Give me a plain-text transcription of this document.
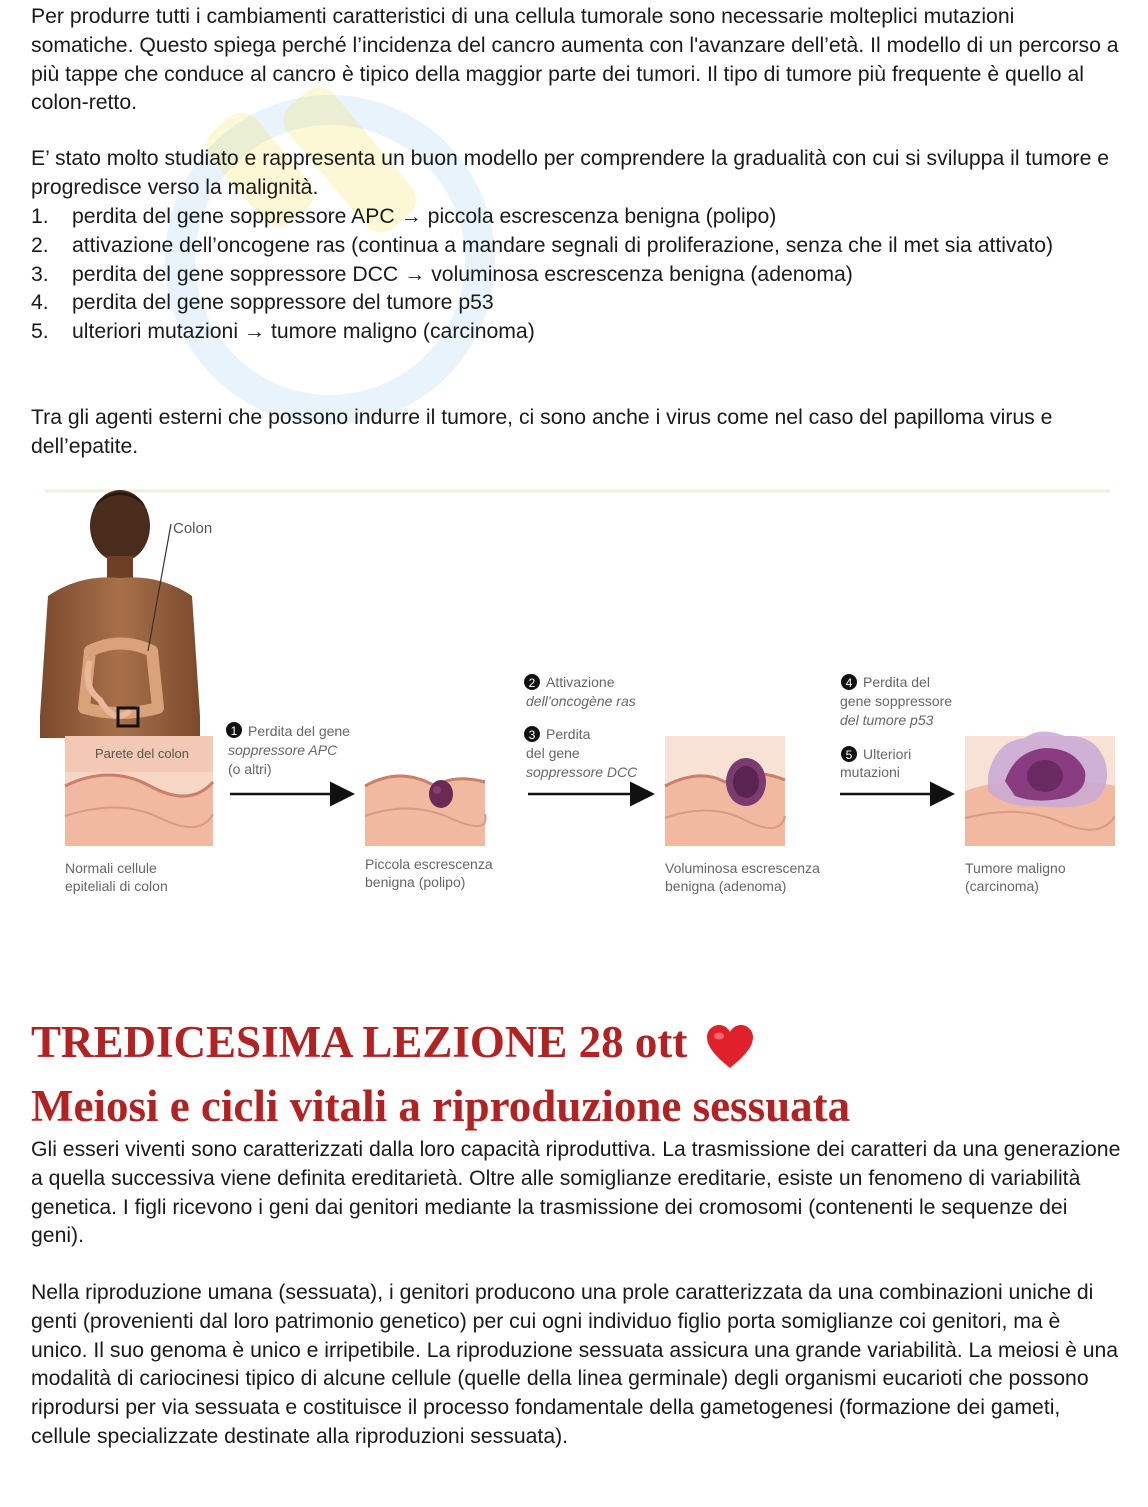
Per produrre tutti i cambiamenti caratteristici di una cellula tumorale sono necessarie molteplici mutazioni somatiche. Questo spiega perché l’incidenza del cancro aumenta con l'avanzare dell’età. Il modello di un percorso a più tappe che conduce al cancro è tipico della maggior parte dei tumori. Il tipo di tumore più frequente è quello al colon-retto.

E’ stato molto studiato e rappresenta un buon modello per comprendere la gradualità con cui si sviluppa il tumore e progredisce verso la malignità.

1.	perdita del gene soppressore APC → piccola escrescenza benigna (polipo)
2.	attivazione dell’oncogene ras (continua a mandare segnali di proliferazione, senza che il met sia attivato)
3.	perdita del gene soppressore DCC → voluminosa escrescenza benigna (adenoma)
4.	perdita del gene soppressore del tumore p53
5.	ulteriori mutazioni → tumore maligno (carcinoma)

Tra gli agenti esterni che possono indurre il tumore, ci sono anche i virus come nel caso del papilloma virus e dell’epatite.

Colon
Parete del colon
Normali cellule
epiteliali di colon
1 Perdita del gene
soppressore APC
(o altri)
Piccola escrescenza
benigna (polipo)
2 Attivazione
dell’oncogène ras
3 Perdita
del gene
soppressore DCC
Voluminosa escrescenza
benigna (adenoma)
4 Perdita del
gene soppressore
del tumore p53
5 Ulteriori
mutazioni
Tumore maligno
(carcinoma)
TREDICESIMA LEZIONE 28 ott
Meiosi e cicli vitali a riproduzione sessuata

Gli esseri viventi sono caratterizzati dalla loro capacità riproduttiva. La trasmissione dei caratteri da una generazione a quella successiva viene definita ereditarietà. Oltre alle somiglianze ereditarie, esiste un fenomeno di variabilità genetica. I figli ricevono i geni dai genitori mediante la trasmissione dei cromosomi (contenenti le sequenze dei geni).

Nella riproduzione umana (sessuata), i genitori producono una prole caratterizzata da una combinazioni uniche di genti (provenienti dal loro patrimonio genetico) per cui ogni individuo figlio porta somiglianze coi genitori, ma è unico. Il suo genoma è unico e irripetibile. La riproduzione sessuata assicura una grande variabilità. La meiosi è una modalità di cariocinesi tipico di alcune cellule (quelle della linea germinale) degli organismi eucarioti che possono riprodursi per via sessuata e costituisce il processo fondamentale della gametogenesi (formazione dei gameti, cellule specializzate destinate alla riproduzioni sessuata).
